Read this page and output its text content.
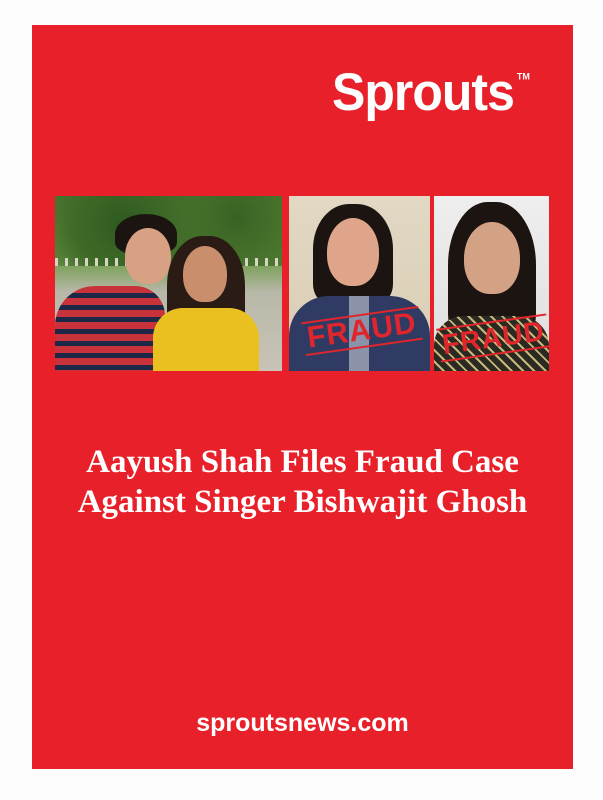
Sprouts TM
FRAUD FRAUD
Aayush Shah Files Fraud Case
Against Singer Bishwajit Ghosh
sproutsnews.com
